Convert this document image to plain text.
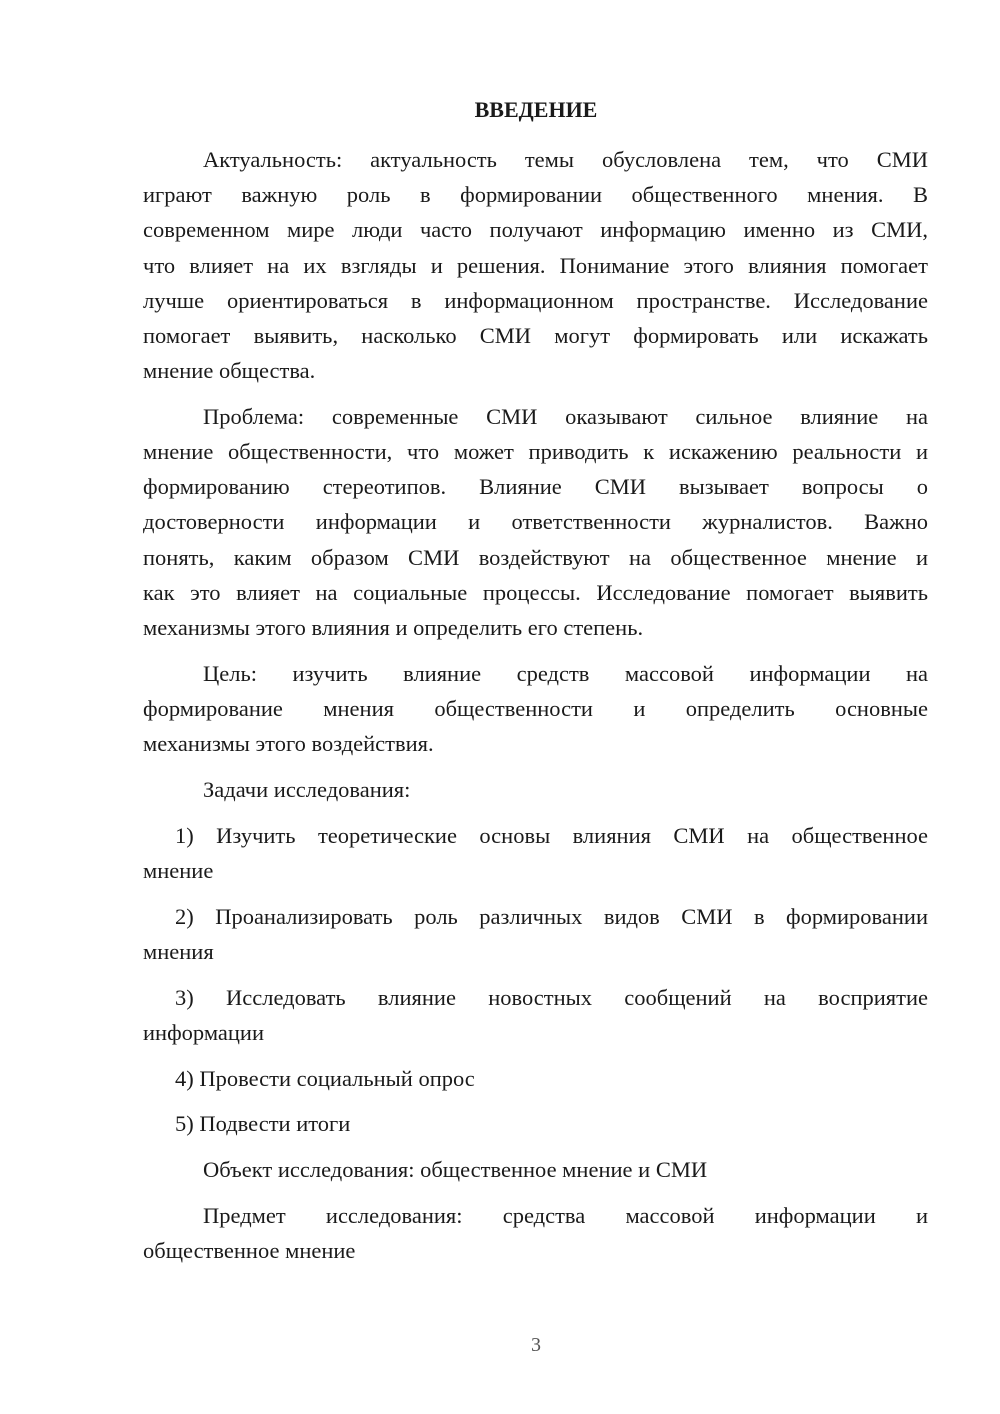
ВВЕДЕНИЕ
Актуальность: актуальность темы обусловлена тем, что СМИ
играют важную роль в формировании общественного мнения. В
современном мире люди часто получают информацию именно из СМИ,
что влияет на их взгляды и решения. Понимание этого влияния помогает
лучше ориентироваться в информационном пространстве. Исследование
помогает выявить, насколько СМИ могут формировать или искажать
мнение общества.
Проблема: современные СМИ оказывают сильное влияние на
мнение общественности, что может приводить к искажению реальности и
формированию стереотипов. Влияние СМИ вызывает вопросы о
достоверности информации и ответственности журналистов. Важно
понять, каким образом СМИ воздействуют на общественное мнение и
как это влияет на социальные процессы. Исследование помогает выявить
механизмы этого влияния и определить его степень.
Цель: изучить влияние средств массовой информации на
формирование мнения общественности и определить основные
механизмы этого воздействия.
Задачи исследования:
1) Изучить теоретические основы влияния СМИ на общественное
мнение
2) Проанализировать роль различных видов СМИ в формировании
мнения
3) Исследовать влияние новостных сообщений на восприятие
информации
4) Провести социальный опрос
5) Подвести итоги
Объект исследования: общественное мнение и СМИ
Предмет исследования: средства массовой информации и
общественное мнение
3
